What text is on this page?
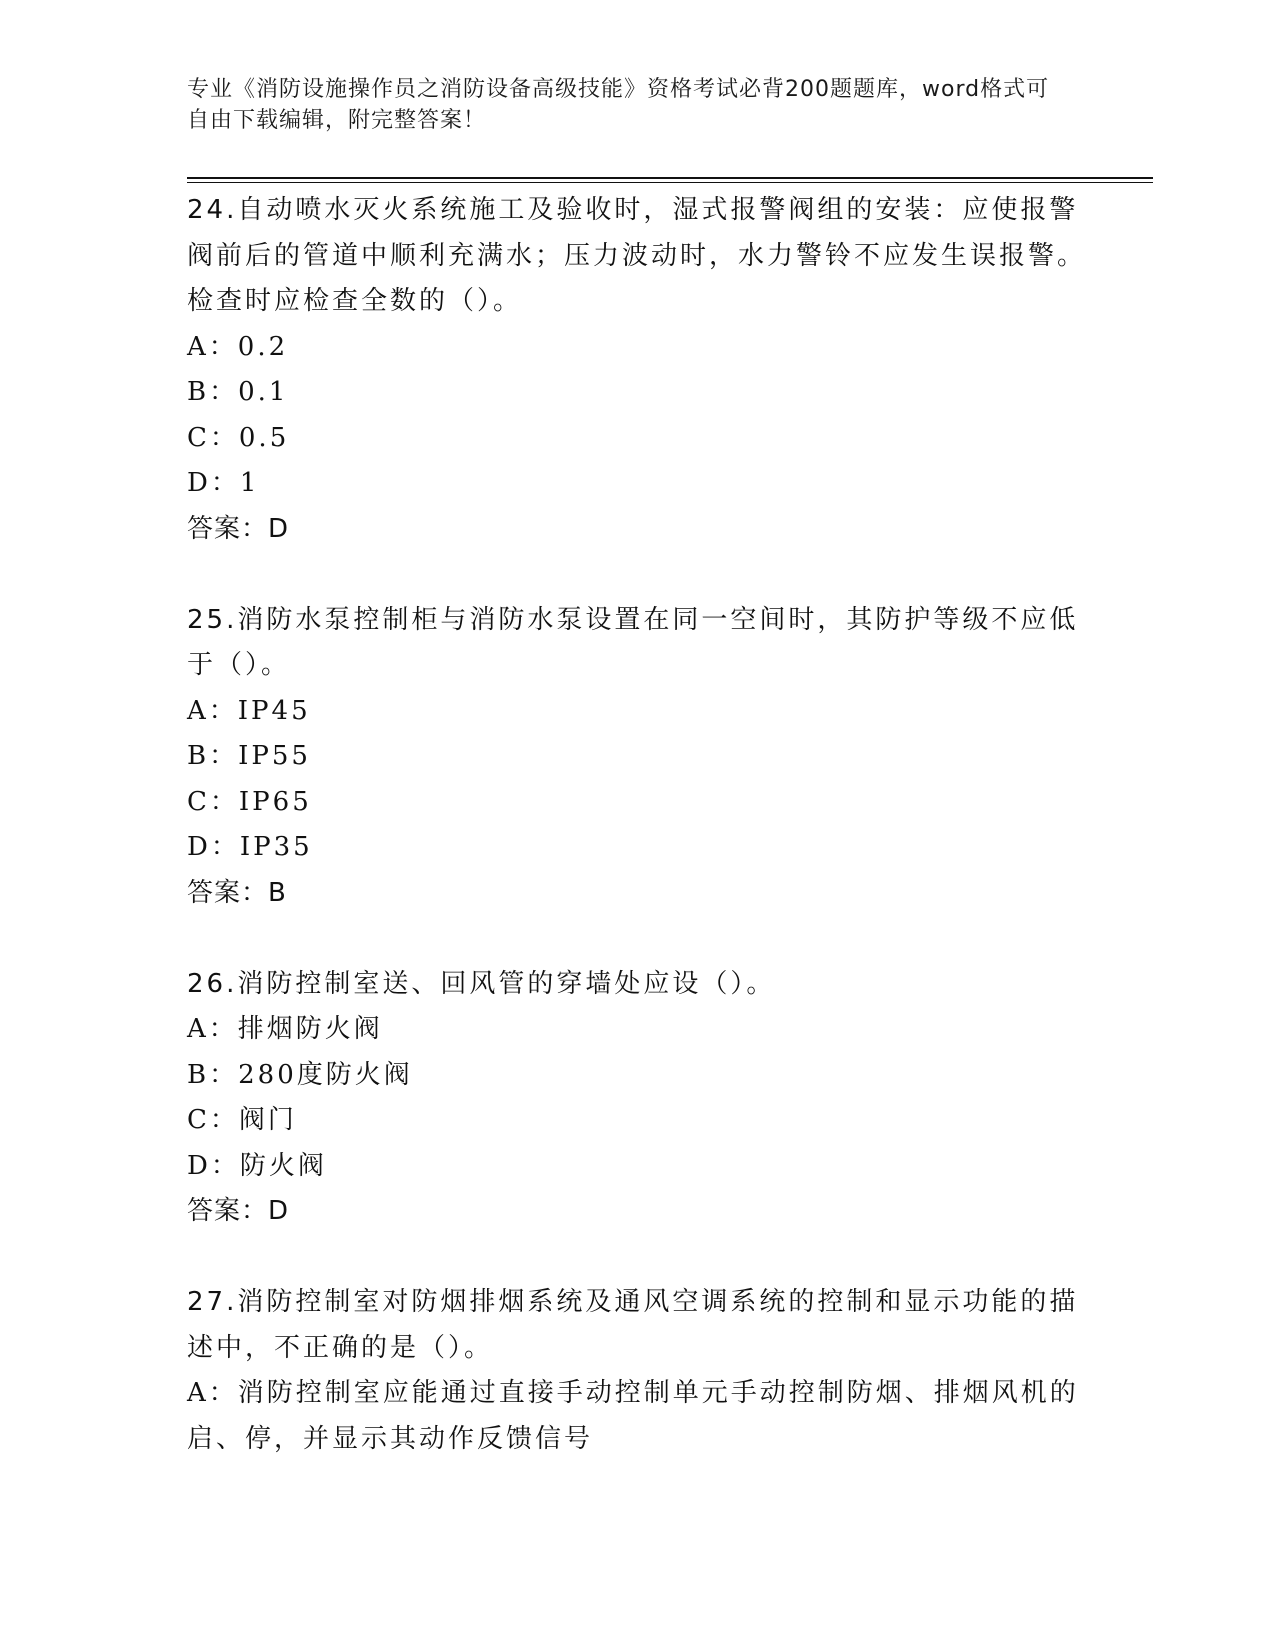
专业《消防设施操作员之消防设备高级技能》资格考试必背200题题库，word格式可自由下载编辑，附完整答案！

24.自动喷水灭火系统施工及验收时，湿式报警阀组的安装：应使报警阀前后的管道中顺利充满水；压力波动时，水力警铃不应发生误报警。检查时应检查全数的（）。

A：0.2

B：0.1

C：0.5

D：1

答案：D

25.消防水泵控制柜与消防水泵设置在同一空间时，其防护等级不应低于（）。

A：IP45

B：IP55

C：IP65

D：IP35

答案：B

26.消防控制室送、回风管的穿墙处应设（）。

A：排烟防火阀

B：280度防火阀

C：阀门

D：防火阀

答案：D

27.消防控制室对防烟排烟系统及通风空调系统的控制和显示功能的描述中，不正确的是（）。

A：消防控制室应能通过直接手动控制单元手动控制防烟、排烟风机的启、停，并显示其动作反馈信号
